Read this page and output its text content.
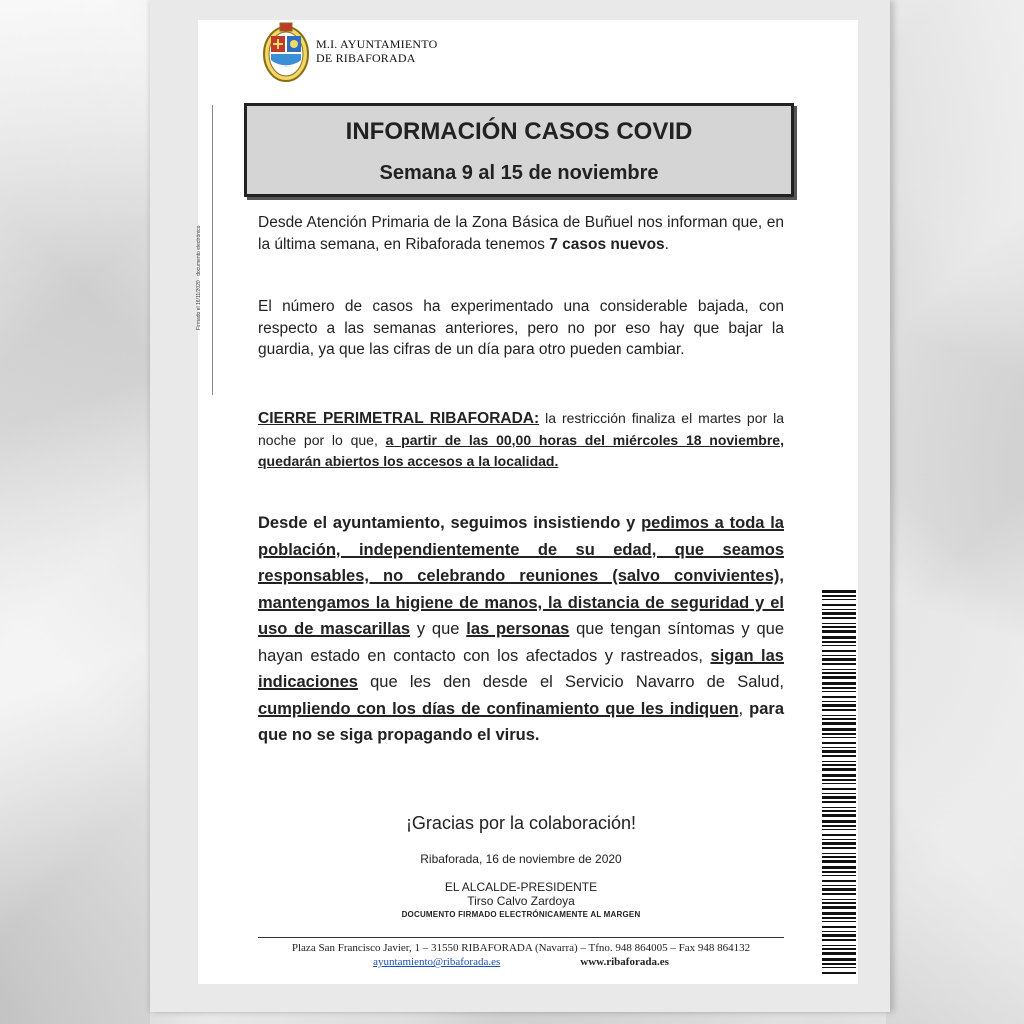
Firmado el 16/11/2020 · documento electrónico
M.I. AYUNTAMIENTO
DE RIBAFORADA
INFORMACIÓN CASOS COVID
Semana 9 al 15 de noviembre
Desde Atención Primaria de la Zona Básica de Buñuel nos informan que, en la última semana, en Ribaforada tenemos 7 casos nuevos.
El número de casos ha experimentado una considerable bajada, con respecto a las semanas anteriores, pero no por eso hay que bajar la guardia, ya que las cifras de un día para otro pueden cambiar.
CIERRE PERIMETRAL RIBAFORADA: la restricción finaliza el martes por la noche por lo que, a partir de las 00,00 horas del miércoles 18 noviembre, quedarán abiertos los accesos a la localidad.
Desde el ayuntamiento, seguimos insistiendo y pedimos a toda la población, independientemente de su edad, que seamos responsables, no celebrando reuniones (salvo convivientes), mantengamos la higiene de manos, la distancia de seguridad y el uso de mascarillas y que las personas que tengan síntomas y que hayan estado en contacto con los afectados y rastreados, sigan las indicaciones que les den desde el Servicio Navarro de Salud, cumpliendo con los días de confinamiento que les indiquen, para que no se siga propagando el virus.
¡Gracias por la colaboración!
Ribaforada, 16 de noviembre de 2020
EL ALCALDE-PRESIDENTE
Tirso Calvo Zardoya
DOCUMENTO FIRMADO ELECTRÓNICAMENTE AL MARGEN
Plaza San Francisco Javier, 1 – 31550 RIBAFORADA (Navarra) – Tfno. 948 864005 – Fax 948 864132
ayuntamiento@ribaforada.es	www.ribaforada.es
